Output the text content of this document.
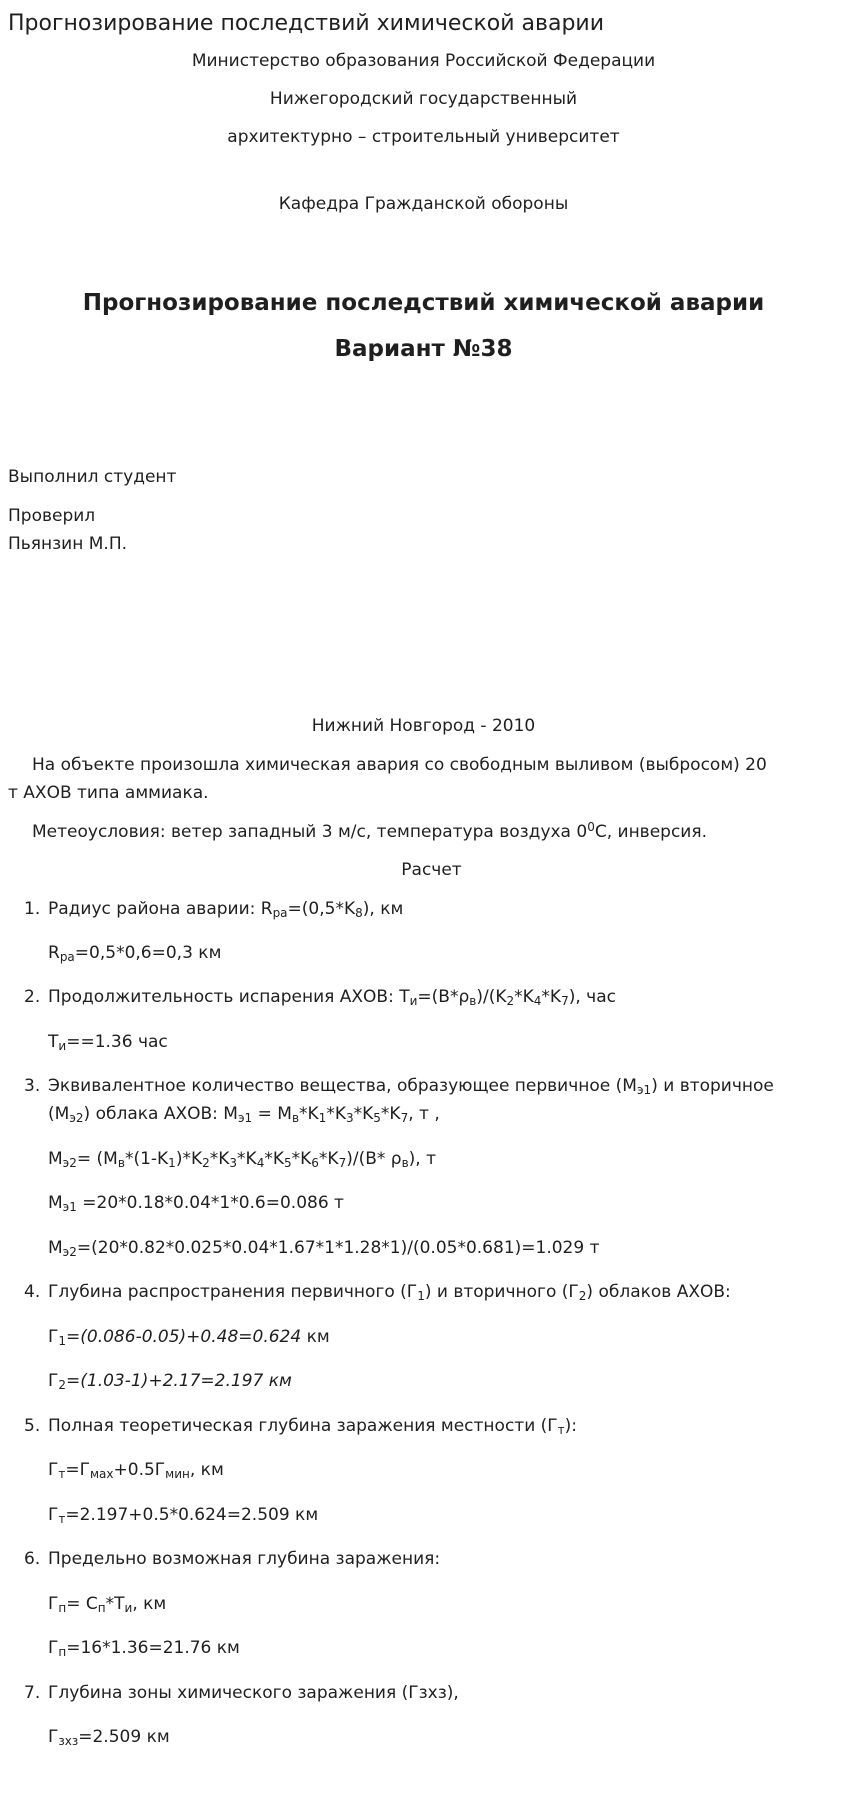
Прогнозирование последствий химической аварии
Министерство образования Российской Федерации
Нижегородский государственный
архитектурно – строительный университет
Кафедра Гражданской обороны
Прогнозирование последствий химической аварии
Вариант №38
Выполнил студент
Проверил
Пьянзин М.П.
Нижний Новгород - 2010
На объекте произошла химическая авария со свободным выливом (выбросом) 20
т АХОВ типа аммиака.
Метеоусловия: ветер западный 3 м/с, температура воздуха $0^0С$, инверсия.
Расчет
1. Радиус района аварии: $R_{ра}=(0,5*K_8)$, км
$R_{ра}=0,5*0,6=0,3$ км
2. Продолжительность испарения АХОВ: $T_и=(B*\rho_в)/(K_2*K_4*K_7)$, час
$T_и==1.36$ час
3. Эквивалентное количество вещества, образующее первичное $(M_{э1})$ и вторичное
$(M_{э2})$ облака АХОВ: $M_{э1} = M_в*K_1*K_3*K_5*K_7$, т ,
$M_{э2}= (M_в*(1-K_1)*K_2*K_3*K_4*K_5*K_6*K_7)/(B*$ $\rho_в$), т
$M_{э1} =20*0.18*0.04*1*0.6=0.086$ т
$M_{э2}=(20*0.82*0.025*0.04*1.67*1*1.28*1)/(0.05*0.681)=1.029$ т
4. Глубина распространения первичного $(Г_1)$ и вторичного $(Г_2)$ облаков АХОВ:
$Г_1=(0.086-0.05)+0.48=0.624$ км
$Г_2=(1.03-1)+2.17=2.197$ км
5. Полная теоретическая глубина заражения местности $(Г_т)$:
$Г_т=Г_{мах}+0.5Г_{мин}$, км
$Г_т=2.197+0.5*0.624=2.509$ км
6. Предельно возможная глубина заражения:
$Г_п= C_п*T_и$, км
$Г_п=16*1.36=21.76$ км
7. Глубина зоны химического заражения (Гзхз),
$Г_{зхз}=2.509$ км
